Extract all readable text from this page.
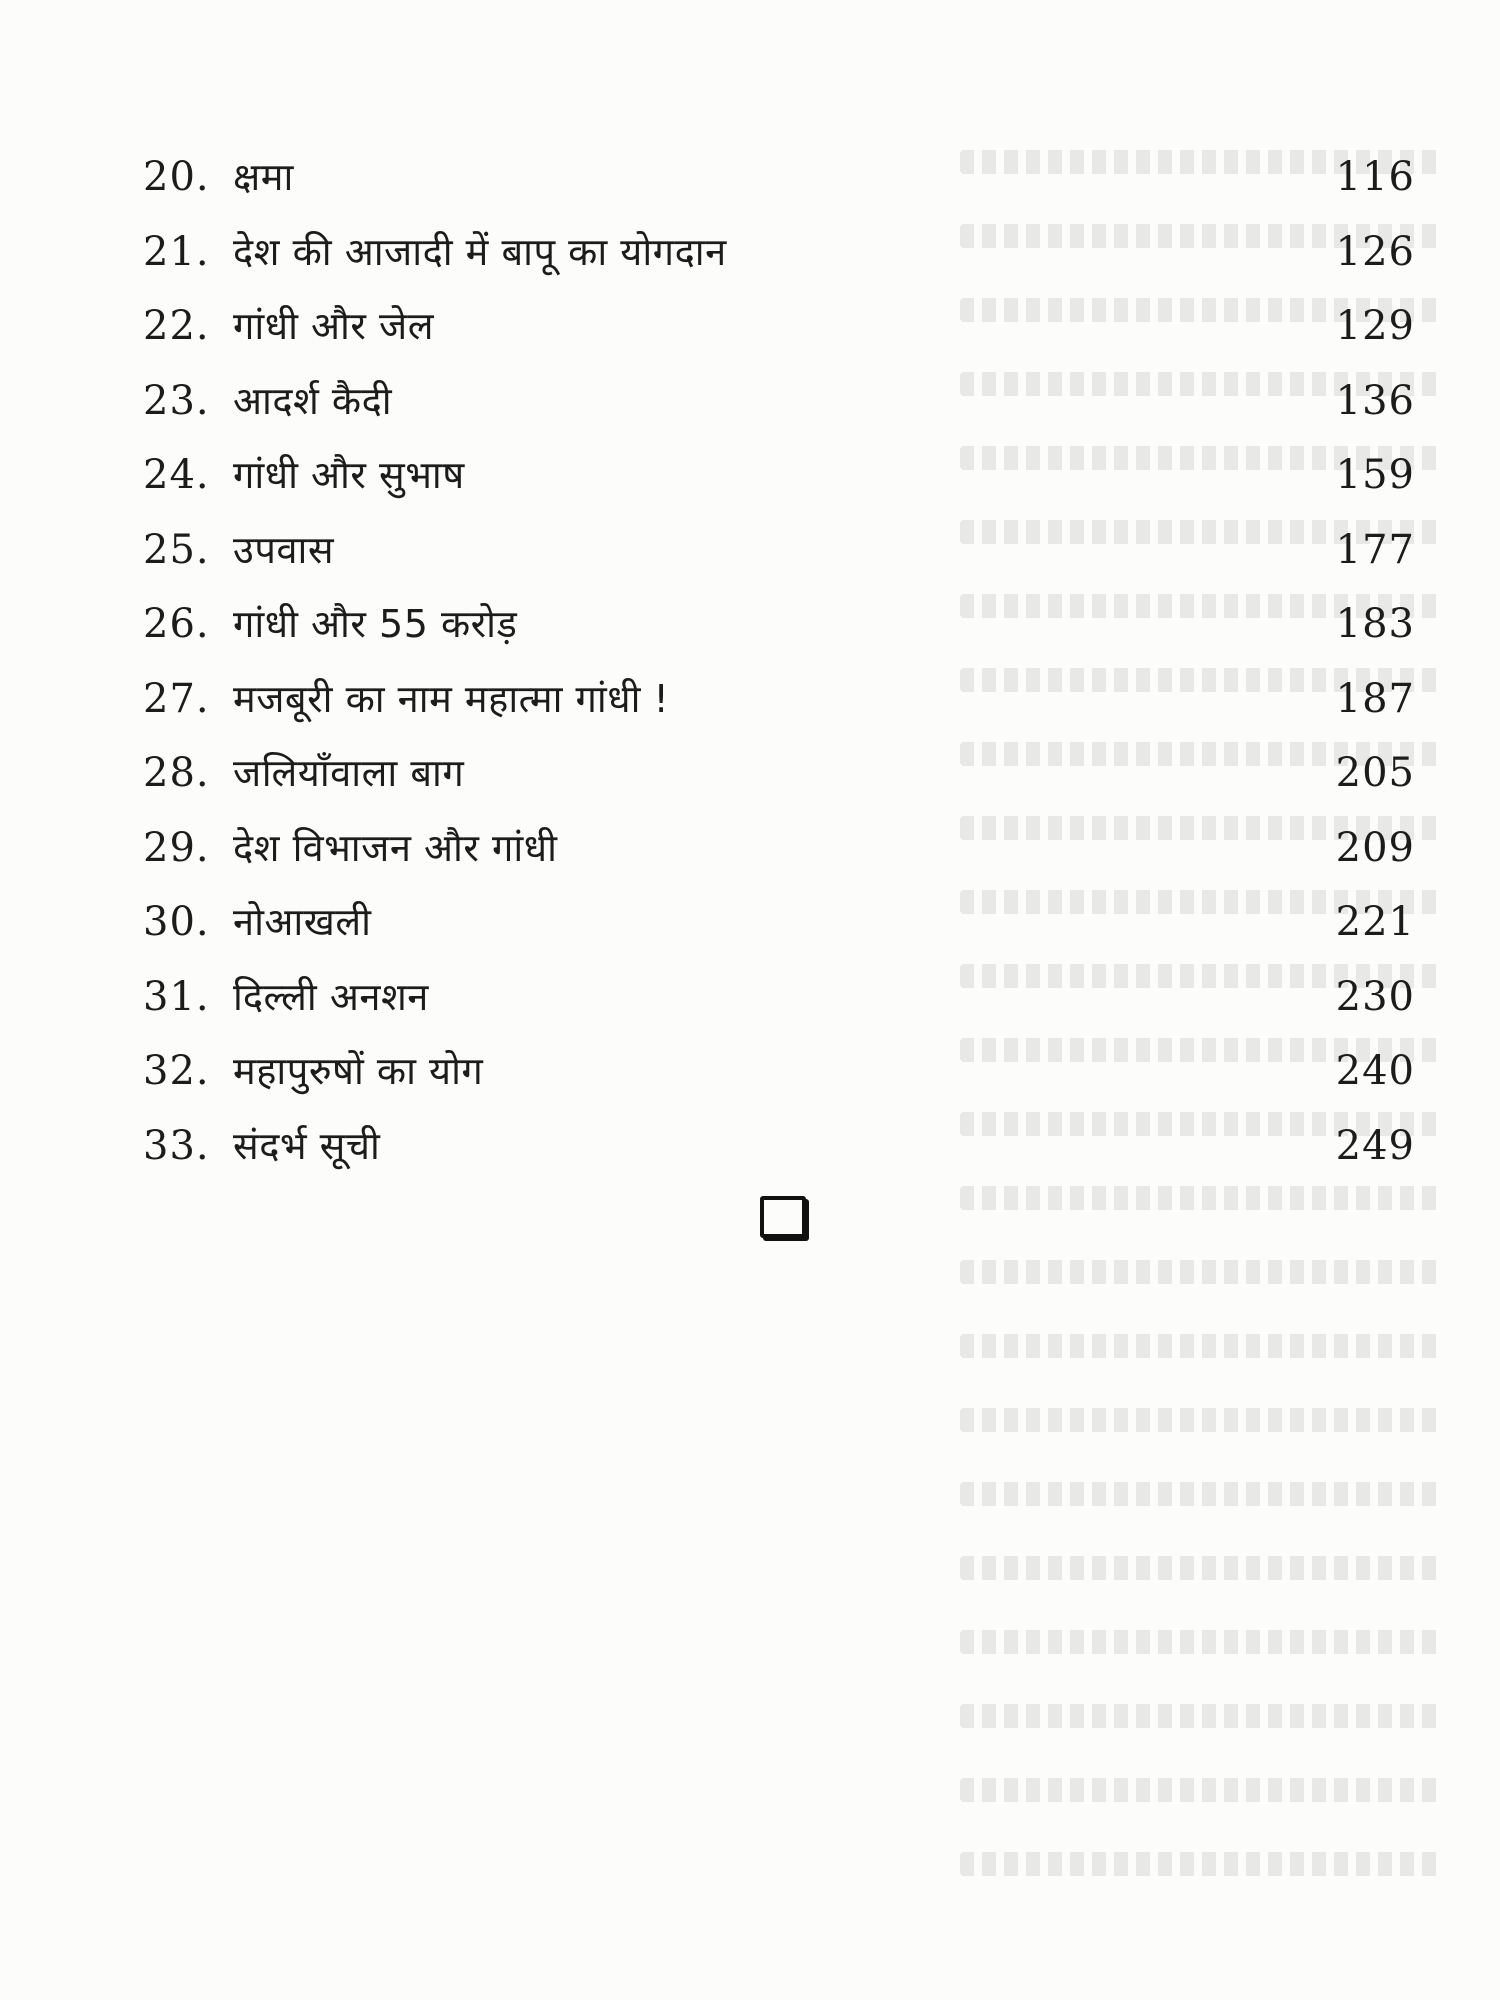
20. क्षमा	116
21. देश की आजादी में बापू का योगदान	126
22. गांधी और जेल	129
23. आदर्श कैदी	136
24. गांधी और सुभाष	159
25. उपवास	177
26. गांधी और 55 करोड़	183
27. मजबूरी का नाम महात्मा गांधी !	187
28. जलियाँवाला बाग	205
29. देश विभाजन और गांधी	209
30. नोआखली	221
31. दिल्ली अनशन	230
32. महापुरुषों का योग	240
33. संदर्भ सूची	249
